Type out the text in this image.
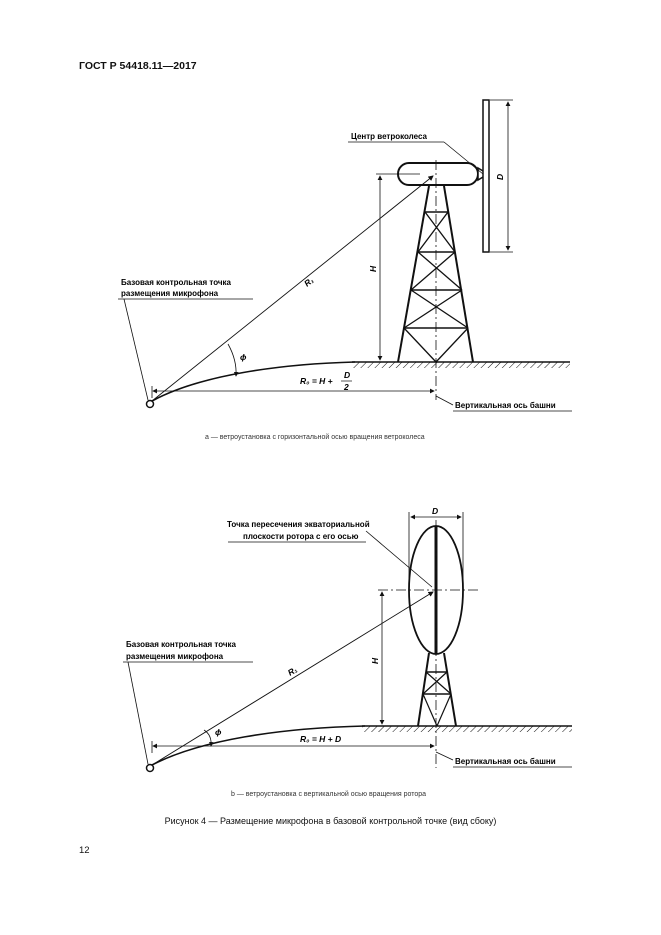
ГОСТ Р 54418.11—2017
D
Центр ветроколеса
H
R₁
ϕ
R₀ = H +
D
2
Базовая контрольная точка
размещения микрофона
Вертикальная ось башни
а — ветроустановка с горизонтальной осью вращения ветроколеса
D
Точка пересечения экваториальной
плоскости ротора с его осью
H
R₁
ϕ
R₀ = H + D
Базовая контрольная точка
размещения микрофона
Вертикальная ось башни
b — ветроустановка с вертикальной осью вращения ротора
Рисунок 4 — Размещение микрофона в базовой контрольной точке (вид сбоку)
12
